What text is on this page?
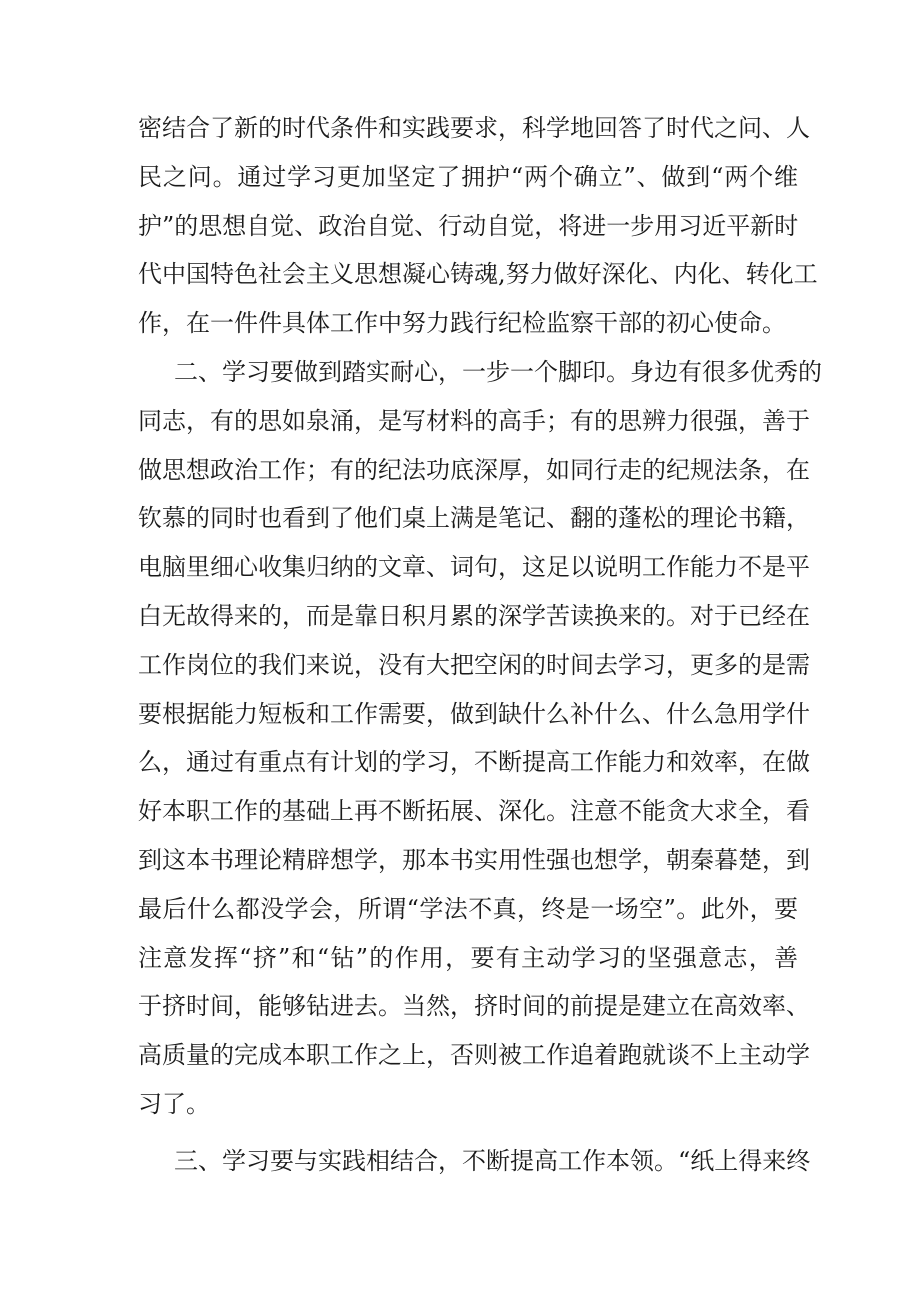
密结合了新的时代条件和实践要求，科学地回答了时代之问、人
民之问。通过学习更加坚定了拥护“两个确立”、做到“两个维
护”的思想自觉、政治自觉、行动自觉，将进一步用习近平新时
代中国特色社会主义思想凝心铸魂,努力做好深化、内化、转化工
作，在一件件具体工作中努力践行纪检监察干部的初心使命。
二、学习要做到踏实耐心，一步一个脚印。身边有很多优秀的
同志，有的思如泉涌，是写材料的高手；有的思辨力很强，善于
做思想政治工作；有的纪法功底深厚，如同行走的纪规法条，在
钦慕的同时也看到了他们桌上满是笔记、翻的蓬松的理论书籍，
电脑里细心收集归纳的文章、词句，这足以说明工作能力不是平
白无故得来的，而是靠日积月累的深学苦读换来的。对于已经在
工作岗位的我们来说，没有大把空闲的时间去学习，更多的是需
要根据能力短板和工作需要，做到缺什么补什么、什么急用学什
么，通过有重点有计划的学习，不断提高工作能力和效率，在做
好本职工作的基础上再不断拓展、深化。注意不能贪大求全，看
到这本书理论精辟想学，那本书实用性强也想学，朝秦暮楚，到
最后什么都没学会，所谓“学法不真，终是一场空”。此外，要
注意发挥“挤”和“钻”的作用，要有主动学习的坚强意志，善
于挤时间，能够钻进去。当然，挤时间的前提是建立在高效率、
高质量的完成本职工作之上，否则被工作追着跑就谈不上主动学
习了。
三、学习要与实践相结合，不断提高工作本领。“纸上得来终
